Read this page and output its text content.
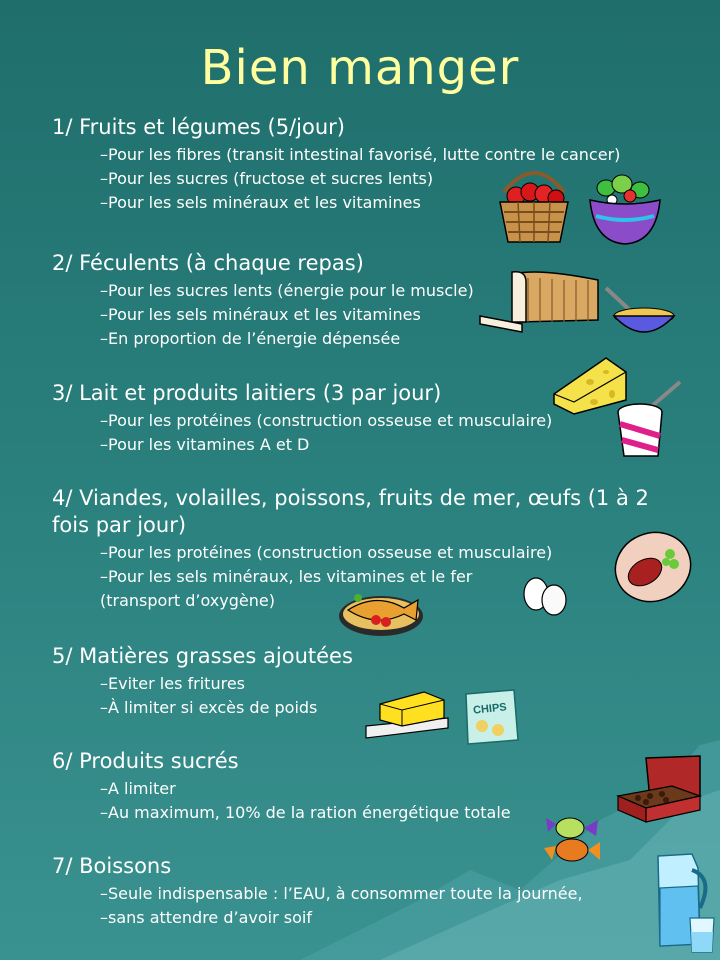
Bien manger
1/ Fruits et légumes (5/jour)
–Pour les fibres (transit intestinal favorisé, lutte contre le cancer)
–Pour les sucres (fructose et sucres lents)
–Pour les sels minéraux et les vitamines
2/ Féculents (à chaque repas)
–Pour les sucres lents (énergie pour le muscle)
–Pour les sels minéraux et les vitamines
–En proportion de l’énergie dépensée
3/ Lait et produits laitiers (3 par jour)
–Pour les protéines (construction osseuse et musculaire)
–Pour les vitamines A et D
4/ Viandes, volailles, poissons, fruits de mer, œufs (1 à 2 fois par jour)
–Pour les protéines (construction osseuse et musculaire)
–Pour les sels minéraux, les vitamines et le fer
(transport d’oxygène)
5/ Matières grasses ajoutées
–Eviter les fritures
–À limiter si excès de poids
6/ Produits sucrés
–A limiter
–Au maximum, 10% de la ration énergétique totale
7/ Boissons
–Seule indispensable : l’EAU, à consommer toute la journée,
–sans attendre d’avoir soif
CHIPS
